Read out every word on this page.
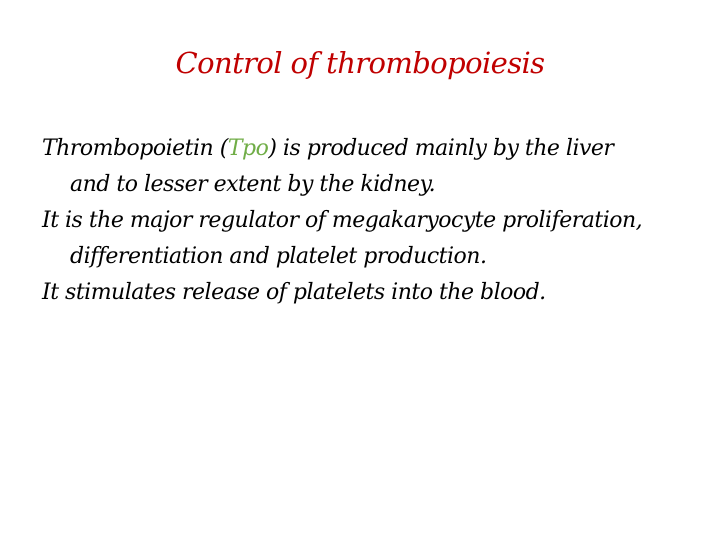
Control of thrombopoiesis
Thrombopoietin (Tpo) is produced mainly by the liver
and to lesser extent by the kidney.
It is the major regulator of megakaryocyte proliferation,
differentiation and platelet production.
It stimulates release of platelets into the blood.
